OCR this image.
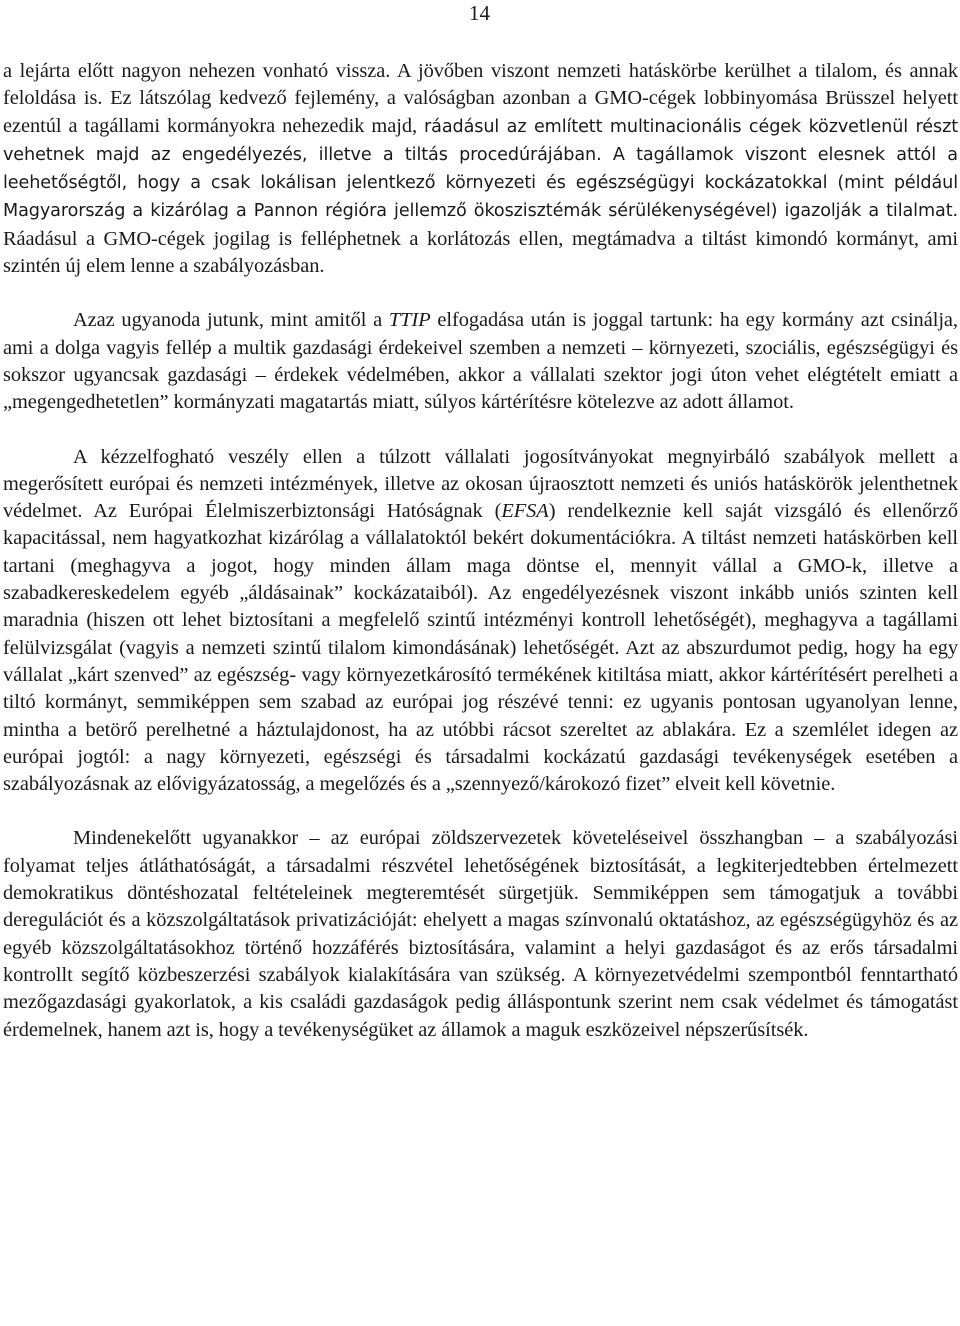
14

a lejárta előtt nagyon nehezen vonható vissza. A jövőben viszont nemzeti hatáskörbe kerülhet a tilalom, és annak feloldása is. Ez látszólag kedvező fejlemény, a valóságban azonban a GMO-cégek lobbinyomása Brüsszel helyett ezentúl a tagállami kormányokra nehezedik majd, ráadásul az említett multinacionális cégek közvetlenül részt vehetnek majd az engedélyezés, illetve a tiltás procedúrájában. A tagállamok viszont elesnek attól a leehetőségtől, hogy a csak lokálisan jelentkező környezeti és egészségügyi kockázatokkal (mint például Magyarország a kizárólag a Pannon régióra jellemző ökoszisztémák sérülékenységével) igazolják a tilalmat. Ráadásul a GMO-cégek jogilag is felléphetnek a korlátozás ellen, megtámadva a tiltást kimondó kormányt, ami szintén új elem lenne a szabályozásban.

Azaz ugyanoda jutunk, mint amitől a TTIP elfogadása után is joggal tartunk: ha egy kormány azt csinálja, ami a dolga vagyis fellép a multik gazdasági érdekeivel szemben a nemzeti – környezeti, szociális, egészségügyi és sokszor ugyancsak gazdasági – érdekek védelmében, akkor a vállalati szektor jogi úton vehet elégtételt emiatt a „megengedhetetlen” kormányzati magatartás miatt, súlyos kártérítésre kötelezve az adott államot.

A kézzelfogható veszély ellen a túlzott vállalati jogosítványokat megnyirbáló szabályok mellett a megerősített európai és nemzeti intézmények, illetve az okosan újraosztott nemzeti és uniós hatáskörök jelenthetnek védelmet. Az Európai Élelmiszerbiztonsági Hatóságnak (EFSA) rendelkeznie kell saját vizsgáló és ellenőrző kapacitással, nem hagyatkozhat kizárólag a vállalatoktól bekért dokumentációkra. A tiltást nemzeti hatáskörben kell tartani (meghagyva a jogot, hogy minden állam maga döntse el, mennyit vállal a GMO-k, illetve a szabadkereskedelem egyéb „áldásainak” kockázataiból). Az engedélyezésnek viszont inkább uniós szinten kell maradnia (hiszen ott lehet biztosítani a megfelelő szintű intézményi kontroll lehetőségét), meghagyva a tagállami felülvizsgálat (vagyis a nemzeti szintű tilalom kimondásának) lehetőségét. Azt az abszurdumot pedig, hogy ha egy vállalat „kárt szenved” az egészség- vagy környezetkárosító termékének kitiltása miatt, akkor kártérítésért perelheti a tiltó kormányt, semmiképpen sem szabad az európai jog részévé tenni: ez ugyanis pontosan ugyanolyan lenne, mintha a betörő perelhetné a háztulajdonost, ha az utóbbi rácsot szereltet az ablakára. Ez a szemlélet idegen az európai jogtól: a nagy környezeti, egészségi és társadalmi kockázatú gazdasági tevékenységek esetében a szabályozásnak az elővigyázatosság, a megelőzés és a „szennyező/károkozó fizet” elveit kell követnie.

Mindenekelőtt ugyanakkor – az európai zöldszervezetek követeléseivel összhangban – a szabályozási folyamat teljes átláthatóságát, a társadalmi részvétel lehetőségének biztosítását, a legkiterjedtebben értelmezett demokratikus döntéshozatal feltételeinek megteremtését sürgetjük. Semmiképpen sem támogatjuk a további deregulációt és a közszolgáltatások privatizációját: ehelyett a magas színvonalú oktatáshoz, az egészségügyhöz és az egyéb közszolgáltatásokhoz történő hozzáférés biztosítására, valamint a helyi gazdaságot és az erős társadalmi kontrollt segítő közbeszerzési szabályok kialakítására van szükség. A környezetvédelmi szempontból fenntartható mezőgazdasági gyakorlatok, a kis családi gazdaságok pedig álláspontunk szerint nem csak védelmet és támogatást érdemelnek, hanem azt is, hogy a tevékenységüket az államok a maguk eszközeivel népszerűsítsék.
